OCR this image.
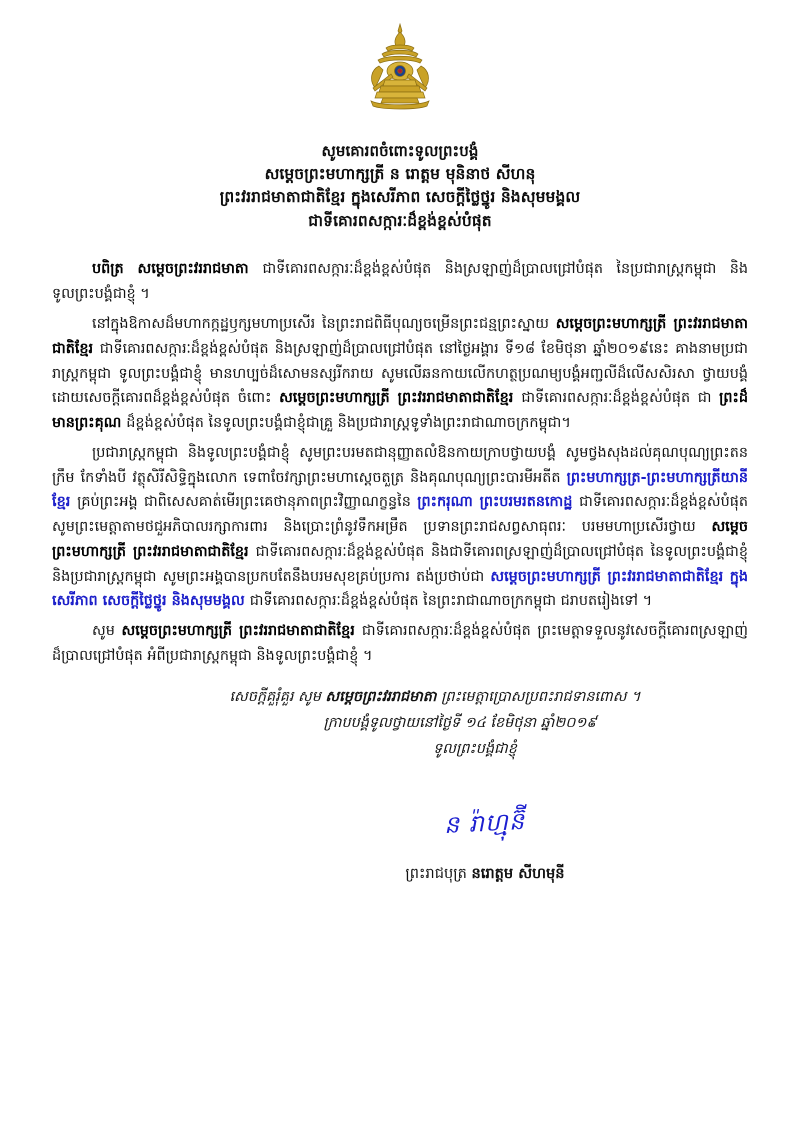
សូមគោរពចំពោះទូលព្រះបង្គំ
សម្តេចព្រះមហាក្សត្រី ន រោត្តម មុនិនាថ សីហនុ
ព្រះវររាជមាតាជាតិខ្មែរ ក្នុងសេរីភាព សេចក្តីថ្លៃថ្នូរ និងសុមមង្គល
ជាទីគោរពសក្ការៈដ៏ខ្ពង់ខ្ពស់បំផុត
បពិត្រ សម្តេចព្រះវររាជមាតា ជាទីគោរពសក្ការៈដ៏ខ្ពង់ខ្ពស់បំផុត និងស្រឡាញ់ដ៏ប្រាលជ្រៅបំផុត នៃប្រជារាស្ត្រកម្ពុជា និងទូលព្រះបង្គំជាខ្ញុំ ។
នៅក្នុងឱកាសដ៏មហាកក្កដ្ឋឫក្សមហាប្រសើរ នៃព្រះរាជពិធីបុណ្យចម្រើនព្រះជន្មព្រះស្នាយ សម្តេចព្រះមហាក្សត្រី ព្រះវររាជមាតាជាតិខ្មែរ ជាទីគោរពសក្ការៈដ៏ខ្ពង់ខ្ពស់បំផុត និងស្រឡាញ់ដ៏ប្រាលជ្រៅបំផុត នៅថ្ងៃអង្គារ ទី១៨ ខែមិថុនា ឆ្នាំ២០១៩នេះ គាងនាមប្រជារាស្ត្រកម្ពុជា ទូលព្រះបង្គំជាខ្ញុំ មានហប្បច់ដ៏សោមនស្សរីករាយ សូមលើឆនកាយលើកហត្ថប្រណម្យបង្គំអញ្ជលីដ៏លើសសិរសា ថ្វាយបង្គំដោយសេចក្តីគោរពដ៏ខ្ពង់ខ្ពស់បំផុត ចំពោះ សម្តេចព្រះមហាក្សត្រី ព្រះវររាជមាតាជាតិខ្មែរ ជាទីគោរពសក្ការៈដ៏ខ្ពង់ខ្ពស់បំផុត ជា ព្រះដ៏មានព្រះគុណ ដ៏ខ្ពង់ខ្ពស់បំផុត នៃទូលព្រះបង្គំជាខ្ញុំជាគ្រួ និងប្រជារាស្ត្រទូទាំងព្រះរាជាណាចក្រកម្ពុជា។
ប្រជារាស្ត្រកម្ពុជា និងទូលព្រះបង្គំជាខ្ញុំ សូមព្រះបរមតជានុញ្ញាតលំឱនកាយក្រាបថ្វាយបង្គំ សូមថ្វងសុងដល់គុណបុណ្យព្រះតនក្រឹម កែទាំងបី វត្ថុសិរីសិទ្ធិក្នុងលោក ទេពាចែវក្សាព្រះមហាស្តេចតួត្រ និងគុណបុណ្យព្រះបារមីអតីត ព្រះមហាក្សត្រ-ព្រះមហាក្សត្រីយានីខ្មែរ គ្រប់ព្រះអង្គ ជាពិសេសគាត់មើរព្រះគេថានុភាពព្រះវិញ្ញាណក្ខន្ធនៃ ព្រះករុណា ព្រះបរមរតនកោដ្ឋ ជាទីគោរពសក្ការៈដ៏ខ្ពង់ខ្ពស់បំផុត សូមព្រះមេត្តាតាមថជួអភិបាលរក្សាការពារ និងប្រោះព្រំនូវទឹកអម្រឹត ប្រទានព្រះរាជសព្វសាធុពរៈ បរមមហាប្រសើរថ្វាយ សម្តេចព្រះមហាក្សត្រី ព្រះវររាជមាតាជាតិខ្មែរ ជាទីគោរពសក្ការៈដ៏ខ្ពង់ខ្ពស់បំផុត និងជាទីគោរពស្រឡាញ់ដ៏ប្រាលជ្រៅបំផុត នៃទូលព្រះបង្គំជាខ្ញុំ និងប្រជារាស្ត្រកម្ពុជា សូមព្រះអង្គបានប្រកបតែនឹងបរមសុខគ្រប់ប្រការ តង់ប្រថាប់ជា សម្តេចព្រះមហាក្សត្រី ព្រះវររាជមាតាជាតិខ្មែរ ក្នុងសេរីភាព សេចក្តីថ្លៃថ្នូរ និងសុមមង្គល ជាទីគោរពសក្ការៈដ៏ខ្ពង់ខ្ពស់បំផុត នៃព្រះរាជាណាចក្រកម្ពុជា ជរាបតរៀងទៅ ។
សូម សម្តេចព្រះមហាក្សត្រី ព្រះវររាជមាតាជាតិខ្មែរ ជាទីគោរពសក្ការៈដ៏ខ្ពង់ខ្ពស់បំផុត ព្រះមេត្តាទទួលនូវសេចក្តីគោរពស្រឡាញ់ដ៏ប្រាលជ្រៅបំផុត អំពីប្រជារាស្ត្រកម្ពុជា និងទូលព្រះបង្គំជាខ្ញុំ ។
សេចក្តីគួរុំគួរ សូម សម្តេចព្រះវររាជមាតា ព្រះមេត្តាប្រោសប្រពះរាជទានពោស ។
ក្រាបបង្គំទូលថ្វាយនៅថ្ងៃទី ១៤ ខែមិថុនា ឆ្នាំ២០១៩
ទូលព្រះបង្គំជាខ្ញុំ
ន រ៉ាហ្មុន៊ី
ព្រះរាជបុត្រ នរោត្តម សីហមុនី
